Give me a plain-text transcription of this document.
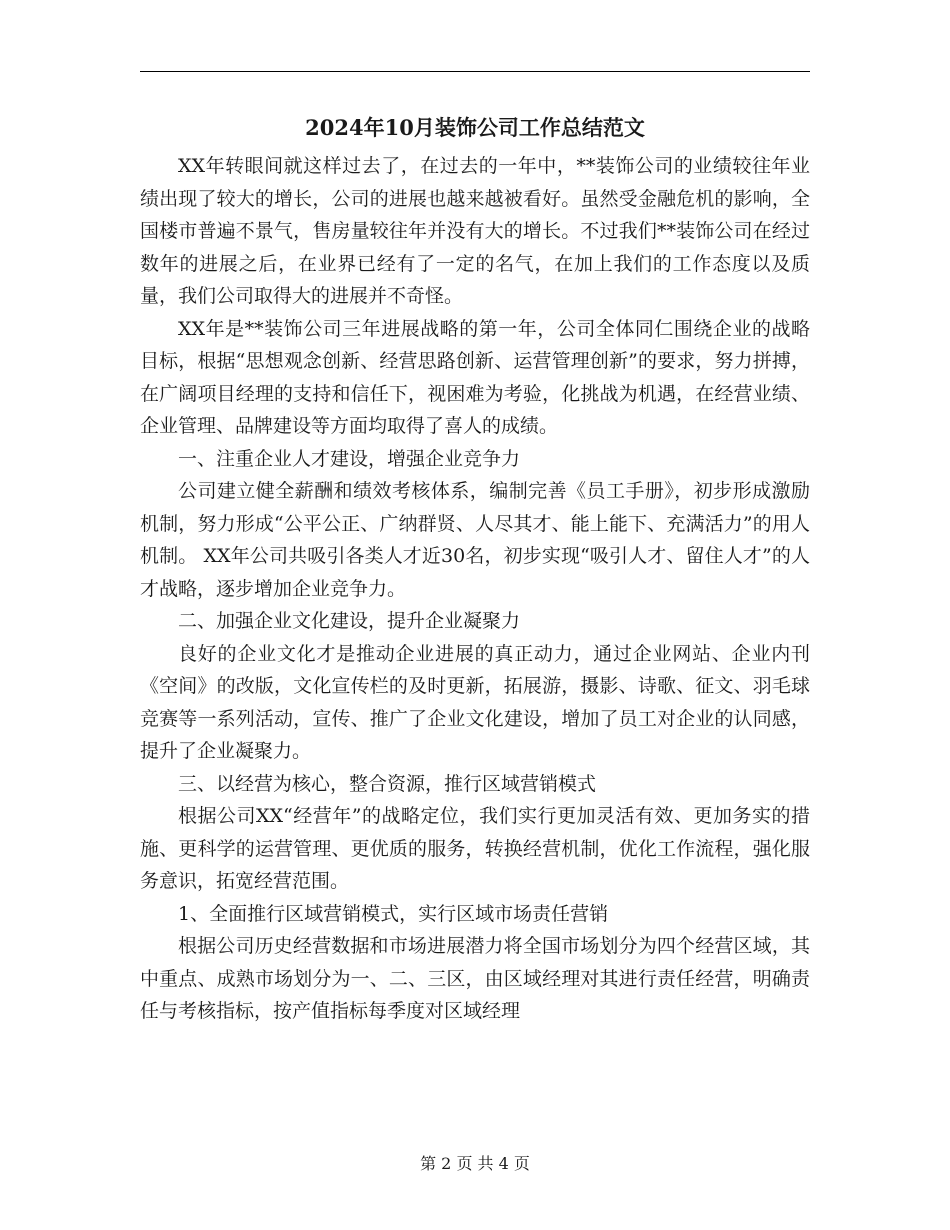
2024年10月装饰公司工作总结范文

XX年转眼间就这样过去了，在过去的一年中，**装饰公司的业绩较往年业绩出现了较大的增长，公司的进展也越来越被看好。虽然受金融危机的影响，全国楼市普遍不景气，售房量较往年并没有大的增长。不过我们**装饰公司在经过数年的进展之后，在业界已经有了一定的名气，在加上我们的工作态度以及质量，我们公司取得大的进展并不奇怪。

XX年是**装饰公司三年进展战略的第一年，公司全体同仁围绕企业的战略目标，根据“思想观念创新、经营思路创新、运营管理创新”的要求，努力拼搏，在广阔项目经理的支持和信任下，视困难为考验，化挑战为机遇，在经营业绩、企业管理、品牌建设等方面均取得了喜人的成绩。

一、注重企业人才建设，增强企业竞争力

公司建立健全薪酬和绩效考核体系，编制完善《员工手册》，初步形成激励机制，努力形成“公平公正、广纳群贤、人尽其才、能上能下、充满活力”的用人机制。 XX年公司共吸引各类人才近30名，初步实现“吸引人才、留住人才”的人才战略，逐步增加企业竞争力。

二、加强企业文化建设，提升企业凝聚力

良好的企业文化才是推动企业进展的真正动力，通过企业网站、企业内刊《空间》的改版，文化宣传栏的及时更新，拓展游，摄影、诗歌、征文、羽毛球竞赛等一系列活动，宣传、推广了企业文化建设，增加了员工对企业的认同感，提升了企业凝聚力。

三、以经营为核心，整合资源，推行区域营销模式

根据公司XX“经营年”的战略定位，我们实行更加灵活有效、更加务实的措施、更科学的运营管理、更优质的服务，转换经营机制，优化工作流程，强化服务意识，拓宽经营范围。

1、全面推行区域营销模式，实行区域市场责任营销

根据公司历史经营数据和市场进展潜力将全国市场划分为四个经营区域，其中重点、成熟市场划分为一、二、三区，由区域经理对其进行责任经营，明确责任与考核指标，按产值指标每季度对区域经理

第 2 页 共 4 页
